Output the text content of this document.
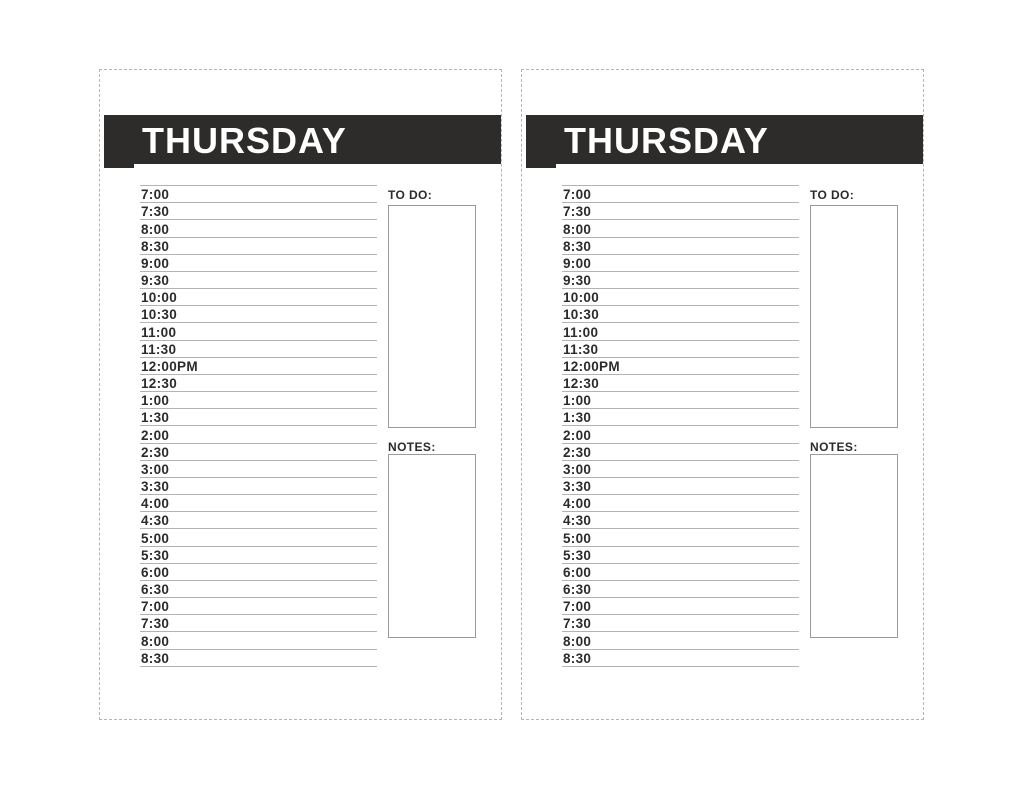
THURSDAY
7:00
7:30
8:00
8:30
9:00
9:30
10:00
10:30
11:00
11:30
12:00PM
12:30
1:00
1:30
2:00
2:30
3:00
3:30
4:00
4:30
5:00
5:30
6:00
6:30
7:00
7:30
8:00
8:30
TO DO:
NOTES:
THURSDAY
7:00
7:30
8:00
8:30
9:00
9:30
10:00
10:30
11:00
11:30
12:00PM
12:30
1:00
1:30
2:00
2:30
3:00
3:30
4:00
4:30
5:00
5:30
6:00
6:30
7:00
7:30
8:00
8:30
TO DO:
NOTES:
